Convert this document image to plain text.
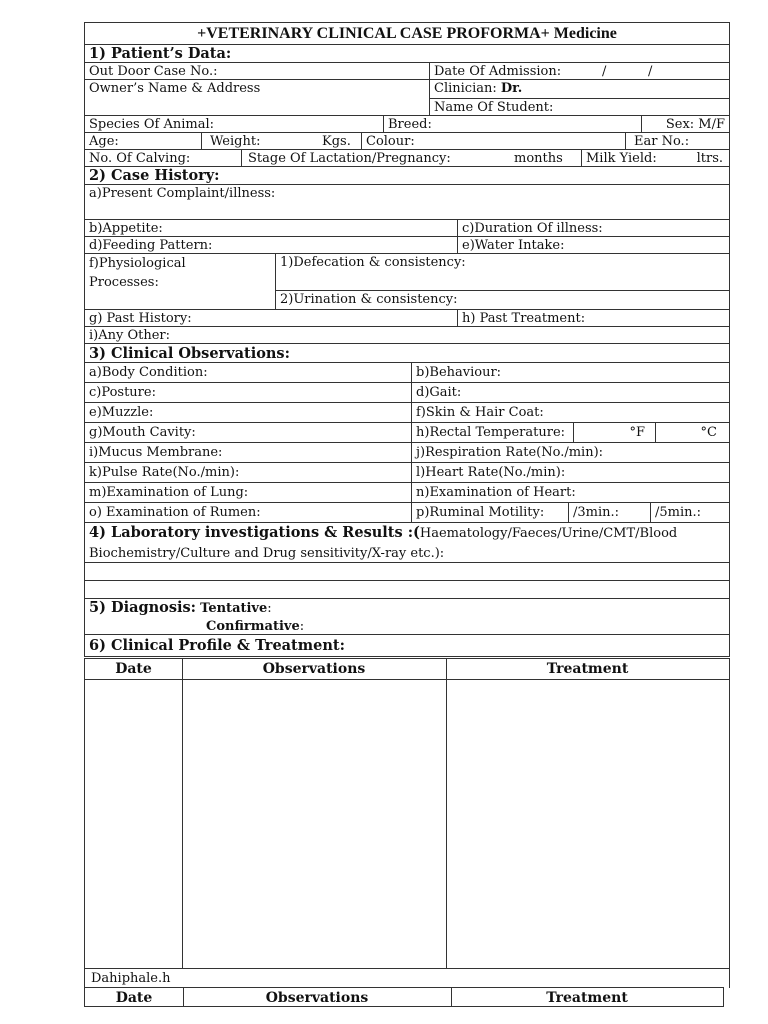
+VETERINARY CLINICAL CASE PROFORMA+ Medicine
1) Patient’s Data:
Out Door Case No.:	Date Of Admission:	/	/
Owner’s Name & Address	Clinician: Dr.
Name Of Student:
Species Of Animal:	Breed:	Sex: M/F
Age:	Weight:	Kgs.	Colour:	Ear No.:
No. Of Calving:	Stage Of Lactation/Pregnancy:	months	Milk Yield:	ltrs.
2) Case History:
a)Present Complaint/illness:
b)Appetite:	c)Duration Of illness:
d)Feeding Pattern:	e)Water Intake:
f)Physiological
Processes:
1)Defecation & consistency:
2)Urination & consistency:
g) Past History:	h) Past Treatment:
i)Any Other:
3) Clinical Observations:
a)Body Condition:	b)Behaviour:
c)Posture:	d)Gait:
e)Muzzle:	f)Skin & Hair Coat:
g)Mouth Cavity:	h)Rectal Temperature:	°F	°C
i)Mucus Membrane:	j)Respiration Rate(No./min):
k)Pulse Rate(No./min):	l)Heart Rate(No./min):
m)Examination of Lung:	n)Examination of Heart:
o) Examination of Rumen:	p)Ruminal Motility:	/3min.:	/5min.:
4) Laboratory investigations & Results :(Haematology/Faeces/Urine/CMT/Blood
Biochemistry/Culture and Drug sensitivity/X-ray etc.):
5) Diagnosis: Tentative:
Confirmative:
6) Clinical Profile & Treatment:
Date	Observations	Treatment
Dahiphale.h
Date	Observations	Treatment
